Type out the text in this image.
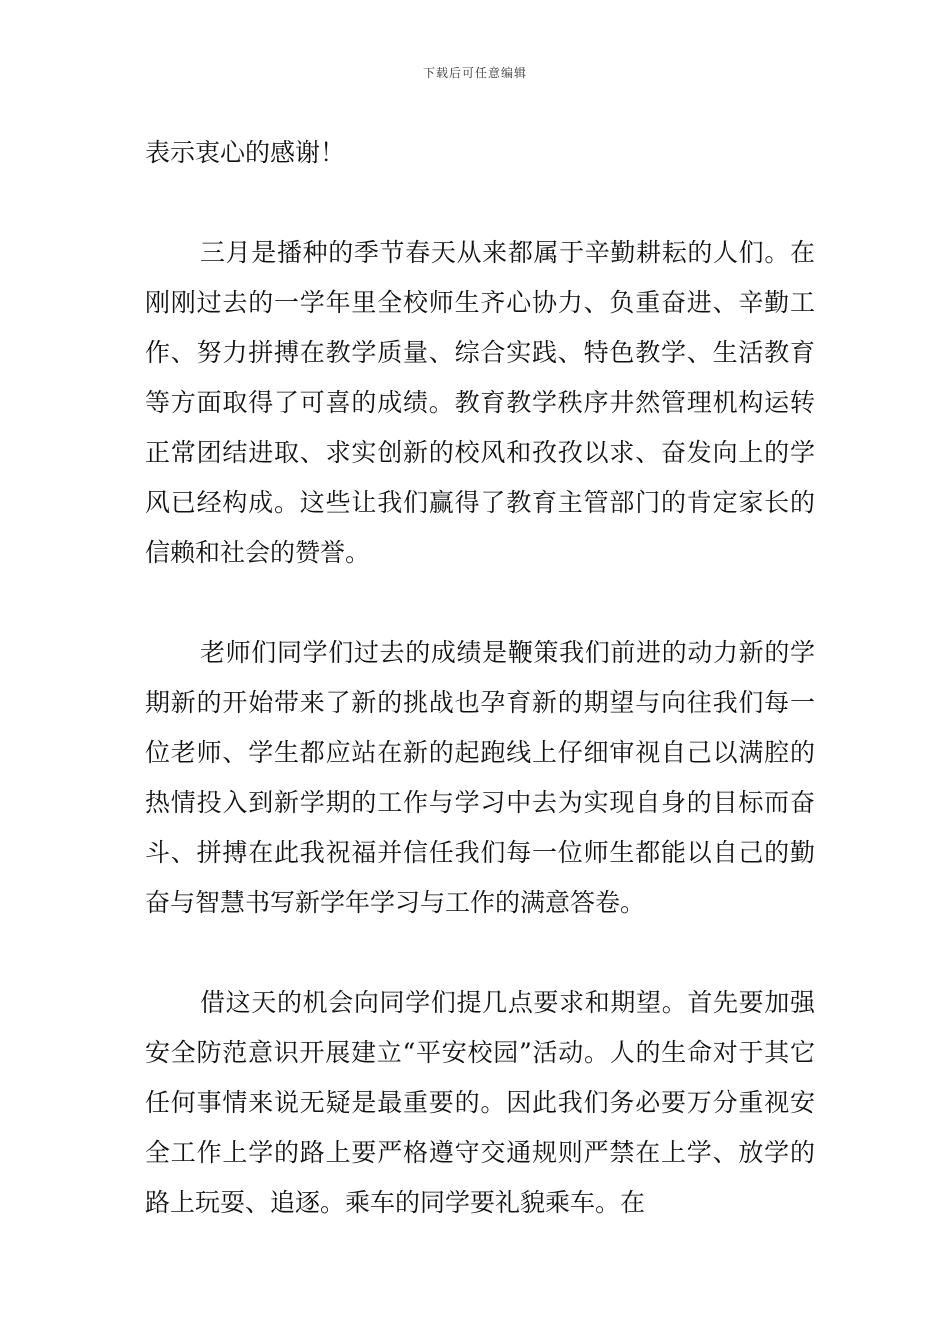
下载后可任意编辑

表示衷心的感谢！

三月是播种的季节春天从来都属于辛勤耕耘的人们。在刚刚过去的一学年里全校师生齐心协力、负重奋进、辛勤工作、努力拼搏在教学质量、综合实践、特色教学、生活教育等方面取得了可喜的成绩。教育教学秩序井然管理机构运转正常团结进取、求实创新的校风和孜孜以求、奋发向上的学风已经构成。这些让我们赢得了教育主管部门的肯定家长的信赖和社会的赞誉。

老师们同学们过去的成绩是鞭策我们前进的动力新的学期新的开始带来了新的挑战也孕育新的期望与向往我们每一位老师、学生都应站在新的起跑线上仔细审视自己以满腔的热情投入到新学期的工作与学习中去为实现自身的目标而奋斗、拼搏在此我祝福并信任我们每一位师生都能以自己的勤奋与智慧书写新学年学习与工作的满意答卷。

借这天的机会向同学们提几点要求和期望。首先要加强安全防范意识开展建立“平安校园”活动。人的生命对于其它任何事情来说无疑是最重要的。因此我们务必要万分重视安全工作上学的路上要严格遵守交通规则严禁在上学、放学的路上玩耍、追逐。乘车的同学要礼貌乘车。在
